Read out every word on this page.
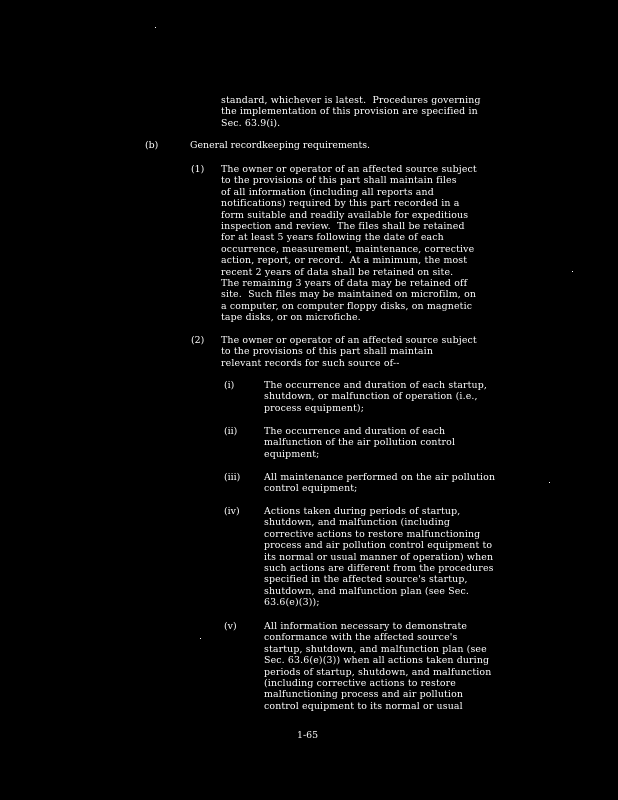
standard, whichever is latest.  Procedures governing
the implementation of this provision are specified in
Sec. 63.9(i).

(b)	General recordkeeping requirements.

(1) The owner or operator of an affected source subject
to the provisions of this part shall maintain files
of all information (including all reports and
notifications) required by this part recorded in a
form suitable and readily available for expeditious
inspection and review.  The files shall be retained
for at least 5 years following the date of each
occurrence, measurement, maintenance, corrective
action, report, or record.  At a minimum, the most
recent 2 years of data shall be retained on site.
The remaining 3 years of data may be retained off
site.  Such files may be maintained on microfilm, on
a computer, on computer floppy disks, on magnetic
tape disks, or on microfiche.

(2) The owner or operator of an affected source subject
to the provisions of this part shall maintain
relevant records for such source of--

(i)	The occurrence and duration of each startup,
shutdown, or malfunction of operation (i.e.,
process equipment);

(ii)	The occurrence and duration of each
malfunction of the air pollution control
equipment;

(iii)	All maintenance performed on the air pollution
control equipment;

(iv)	Actions taken during periods of startup,
shutdown, and malfunction (including
corrective actions to restore malfunctioning
process and air pollution control equipment to
its normal or usual manner of operation) when
such actions are different from the procedures
specified in the affected source's startup,
shutdown, and malfunction plan (see Sec.
63.6(e)(3));

(v)	All information necessary to demonstrate
conformance with the affected source's
startup, shutdown, and malfunction plan (see
Sec. 63.6(e)(3)) when all actions taken during
periods of startup, shutdown, and malfunction
(including corrective actions to restore
malfunctioning process and air pollution
control equipment to its normal or usual

1-65
